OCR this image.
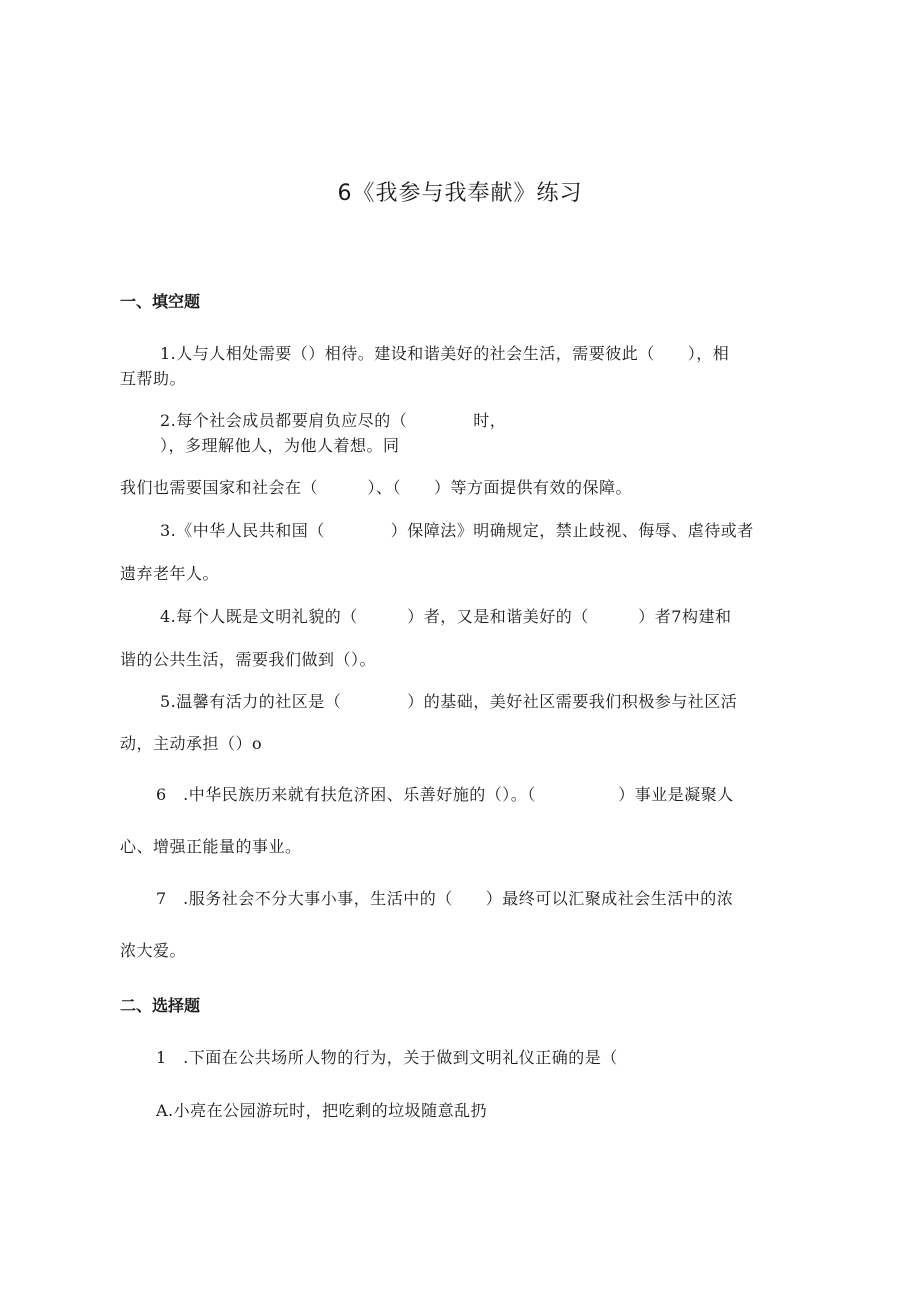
6《我参与我奉献》练习
一、填空题
1.人与人相处需要（）相待。建设和谐美好的社会生活，需要彼此（　　），相
互帮助。
2.每个社会成员都要肩负应尽的（　　　　时，
），多理解他人，为他人着想。同
我们也需要国家和社会在（　　　）、（　　）等方面提供有效的保障。
3.《中华人民共和国（　　　　）保障法》明确规定，禁止歧视、侮辱、虐待或者
遗弃老年人。
4.每个人既是文明礼貌的（　　　）者，又是和谐美好的（　　　）者7构建和
谐的公共生活，需要我们做到（）。
5.温馨有活力的社区是（　　　　）的基础，美好社区需要我们积极参与社区活
动，主动承担（）o
6　.中华民族历来就有扶危济困、乐善好施的（）。（　　　　　）事业是凝聚人
心、增强正能量的事业。
7　.服务社会不分大事小事，生活中的（　　）最终可以汇聚成社会生活中的浓
浓大爱。
二、选择题
1　.下面在公共场所人物的行为，关于做到文明礼仪正确的是（
A.小亮在公园游玩时，把吃剩的垃圾随意乱扔
